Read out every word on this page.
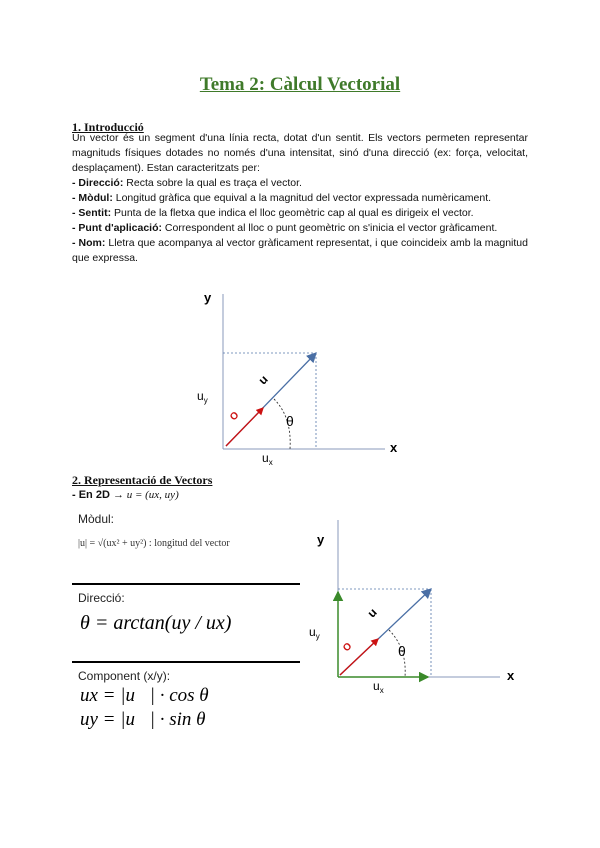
Tema 2: Càlcul Vectorial
1. Introducció

Un vector és un segment d'una línia recta, dotat d'un sentit. Els vectors permeten representar magnituds físiques dotades no només d'una intensitat, sinó d'una direcció (ex: força, velocitat, desplaçament). Estan caracteritzats per:

- Direcció: Recta sobre la qual es traça el vector.

- Mòdul: Longitud gràfica que equival a la magnitud del vector expressada numèricament.

- Sentit: Punta de la fletxa que indica el lloc geomètric cap al qual es dirigeix el vector.

- Punt d'aplicació: Correspondent al lloc o punt geomètric on s'inicia el vector gràficament.

- Nom: Lletra que acompanya al vector gràficament representat, i que coincideix amb la magnitud que expressa.

y
x
$u_y$
$u_x$
θ
u
O
2. Representació de Vectors
- En 2D → u = (ux, uy)
Mòdul:
|u| = √(ux² + uy²) : longitud del vector
Direcció:
θ = arctan(uy / ux)
Component (x/y):
ux = |u⃗| · cos θ
uy = |u⃗| · sin θ
y
x
$u_y$
$u_x$
θ
u
O
